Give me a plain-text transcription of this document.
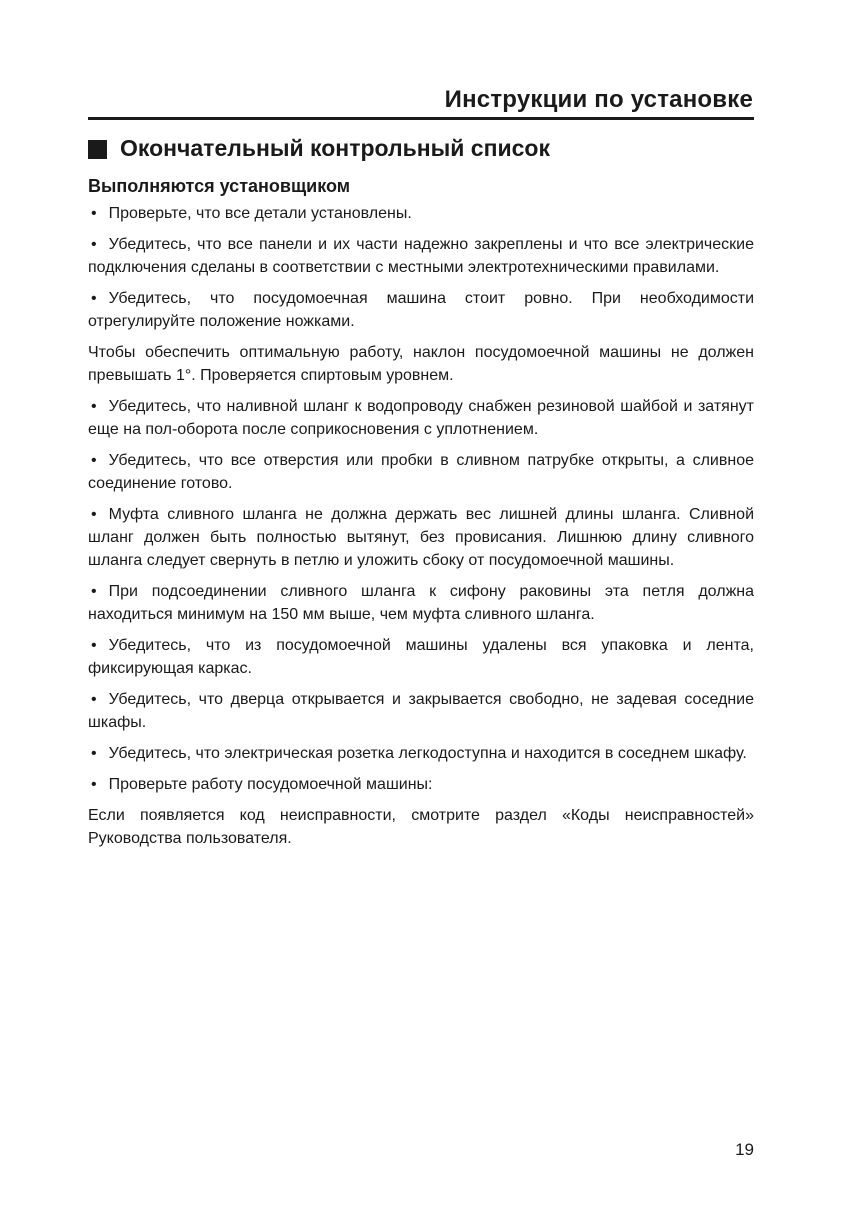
Инструкции по установке
Окончательный контрольный список
Выполняются установщиком

• Проверьте, что все детали установлены.

• Убедитесь, что все панели и их части надежно закреплены и что все электрические подключения сделаны в соответствии с местными электротехническими правилами.

• Убедитесь, что посудомоечная машина стоит ровно. При необходимости отрегулируйте положение ножками.

Чтобы обеспечить оптимальную работу, наклон посудомоечной машины не должен превышать 1°. Проверяется спиртовым уровнем.

• Убедитесь, что наливной шланг к водопроводу снабжен резиновой шайбой и затянут еще на пол-оборота после соприкосновения с уплотнением.

• Убедитесь, что все отверстия или пробки в сливном патрубке открыты, а сливное соединение готово.

• Муфта сливного шланга не должна держать вес лишней длины шланга. Сливной шланг должен быть полностью вытянут, без провисания. Лишнюю длину сливного шланга следует свернуть в петлю и уложить сбоку от посудомоечной машины.

• При подсоединении сливного шланга к сифону раковины эта петля должна находиться минимум на 150 мм выше, чем муфта сливного шланга.

• Убедитесь, что из посудомоечной машины удалены вся упаковка и лента, фиксирующая каркас.

• Убедитесь, что дверца открывается и закрывается свободно, не задевая соседние шкафы.

• Убедитесь, что электрическая розетка легкодоступна и находится в соседнем шкафу.

• Проверьте работу посудомоечной машины:

Если появляется код неисправности, смотрите раздел «Коды неисправностей» Руководства пользователя.

19
